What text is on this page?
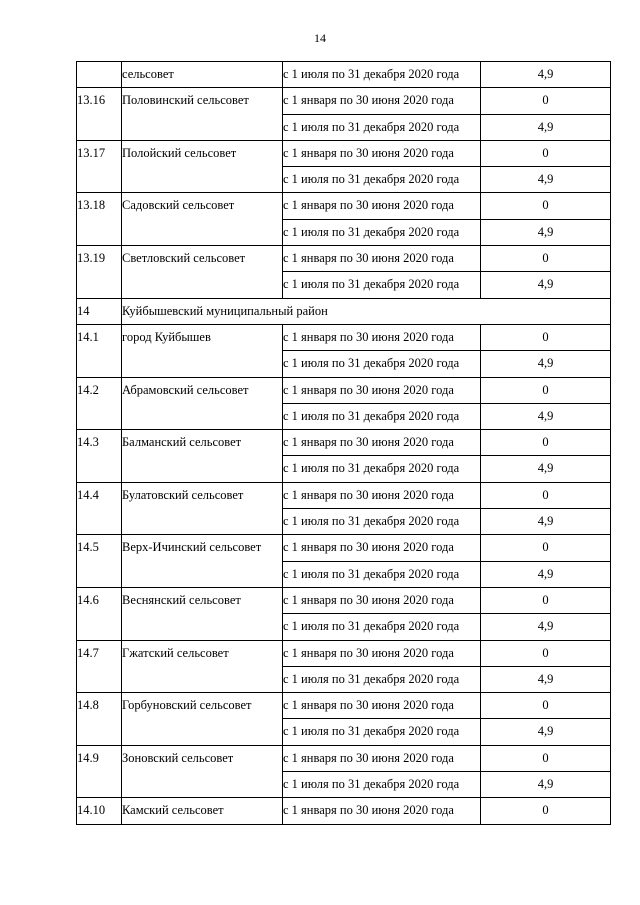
14
	сельсовет	с 1 июля по 31 декабря 2020 года	4,9
13.16	Половинский сельсовет	с 1 января по 30 июня 2020 года	0
		с 1 июля по 31 декабря 2020 года	4,9
13.17	Полойский сельсовет	с 1 января по 30 июня 2020 года	0
		с 1 июля по 31 декабря 2020 года	4,9
13.18	Садовский сельсовет	с 1 января по 30 июня 2020 года	0
		с 1 июля по 31 декабря 2020 года	4,9
13.19	Светловский сельсовет	с 1 января по 30 июня 2020 года	0
		с 1 июля по 31 декабря 2020 года	4,9
14	Куйбышевский муниципальный район		
14.1	город Куйбышев	с 1 января по 30 июня 2020 года	0
		с 1 июля по 31 декабря 2020 года	4,9
14.2	Абрамовский сельсовет	с 1 января по 30 июня 2020 года	0
		с 1 июля по 31 декабря 2020 года	4,9
14.3	Балманский сельсовет	с 1 января по 30 июня 2020 года	0
		с 1 июля по 31 декабря 2020 года	4,9
14.4	Булатовский сельсовет	с 1 января по 30 июня 2020 года	0
		с 1 июля по 31 декабря 2020 года	4,9
14.5	Верх-Ичинский сельсовет	с 1 января по 30 июня 2020 года	0
		с 1 июля по 31 декабря 2020 года	4,9
14.6	Веснянский сельсовет	с 1 января по 30 июня 2020 года	0
		с 1 июля по 31 декабря 2020 года	4,9
14.7	Гжатский сельсовет	с 1 января по 30 июня 2020 года	0
		с 1 июля по 31 декабря 2020 года	4,9
14.8	Горбуновский сельсовет	с 1 января по 30 июня 2020 года	0
		с 1 июля по 31 декабря 2020 года	4,9
14.9	Зоновский сельсовет	с 1 января по 30 июня 2020 года	0
		с 1 июля по 31 декабря 2020 года	4,9
14.10	Камский сельсовет	с 1 января по 30 июня 2020 года	0
